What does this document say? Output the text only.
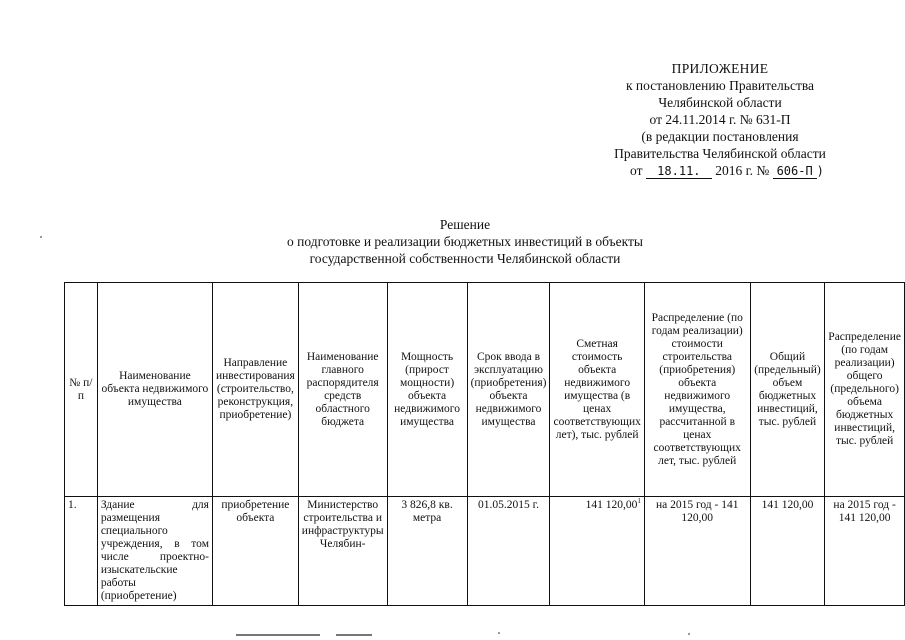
ПРИЛОЖЕНИЕ
к постановлению Правительства
Челябинской области
от 24.11.2014 г. № 631-П
(в редакции постановления
Правительства Челябинской области
от 18.11. 2016 г. № 606-П )
Решение
о подготовке и реализации бюджетных инвестиций в объекты
государственной собственности Челябинской области
№ п/п	Наименование объекта недвижимого имущества	Направление инвестирования (строительство, реконструкция, приобретение)	Наименование главного распорядителя средств областного бюджета	Мощность (прирост мощности) объекта недвижимого имущества	Срок ввода в эксплуатацию (приобретения) объекта недвижимого имущества	Сметная стоимость объекта недвижимого имущества (в ценах соответствующих лет), тыс. рублей	Распределение (по годам реализации) стоимости строительства (приобретения) объекта недвижимого имущества, рассчитанной в ценах соответствующих лет, тыс. рублей	Общий (предельный) объем бюджетных инвестиций, тыс. рублей	Распределение (по годам реализации) общего (предельного) объема бюджетных инвестиций, тыс. рублей
1.	Здание для размещения специального учреждения, в том числе проектно-изыскательские работы (приобретение)	приобретение объекта	Министерство строительства и инфраструктуры Челябин-	3 826,8 кв. метра	01.05.2015 г.	141 120,00$^1$	на 2015 год - 141 120,00	141 120,00	на 2015 год - 141 120,00
